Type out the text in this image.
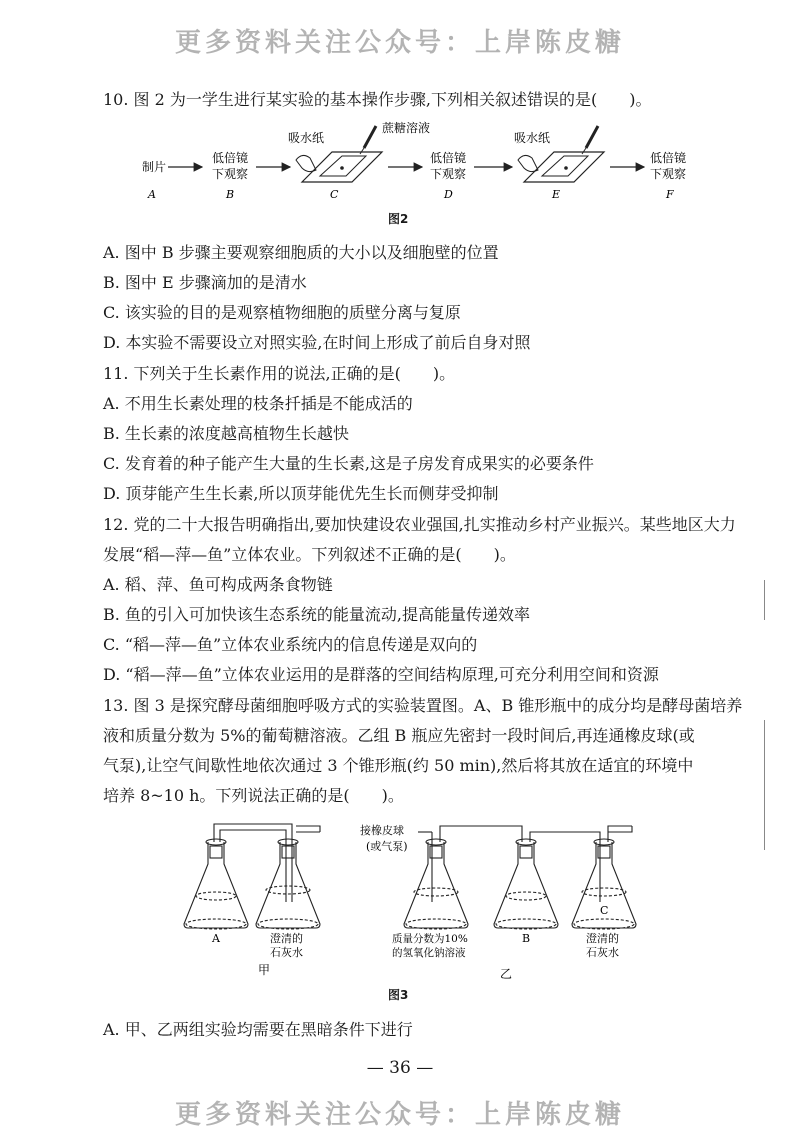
更多资料关注公众号：上岸陈皮糖
10. 图 2 为一学生进行某实验的基本操作步骤,下列相关叙述错误的是(　　)。
制片
A
低倍镜
下观察
B
吸水纸
蔗糖溶液
C
低倍镜
下观察
D
吸水纸
E
低倍镜
下观察
F
图2
A. 图中 B 步骤主要观察细胞质的大小以及细胞壁的位置
B. 图中 E 步骤滴加的是清水
C. 该实验的目的是观察植物细胞的质壁分离与复原
D. 本实验不需要设立对照实验,在时间上形成了前后自身对照
11. 下列关于生长素作用的说法,正确的是(　　)。
A. 不用生长素处理的枝条扦插是不能成活的
B. 生长素的浓度越高植物生长越快
C. 发育着的种子能产生大量的生长素,这是子房发育成果实的必要条件
D. 顶芽能产生生长素,所以顶芽能优先生长而侧芽受抑制
12. 党的二十大报告明确指出,要加快建设农业强国,扎实推动乡村产业振兴。某些地区大力
发展“稻—萍—鱼”立体农业。下列叙述不正确的是(　　)。
A. 稻、萍、鱼可构成两条食物链
B. 鱼的引入可加快该生态系统的能量流动,提高能量传递效率
C. “稻—萍—鱼”立体农业系统内的信息传递是双向的
D. “稻—萍—鱼”立体农业运用的是群落的空间结构原理,可充分利用空间和资源
13. 图 3 是探究酵母菌细胞呼吸方式的实验装置图。A、B 锥形瓶中的成分均是酵母菌培养
液和质量分数为 5%的葡萄糖溶液。乙组 B 瓶应先密封一段时间后,再连通橡皮球(或
气泵),让空气间歇性地依次通过 3 个锥形瓶(约 50 min),然后将其放在适宜的环境中
培养 8~10 h。下列说法正确的是(　　)。
A	澄清的
石灰水
甲
接橡皮球
(或气泵)
质量分数为10%
的氢氧化钠溶液
B
C
澄清的
石灰水
乙
图3
A. 甲、乙两组实验均需要在黑暗条件下进行
— 36 —
更多资料关注公众号：上岸陈皮糖
